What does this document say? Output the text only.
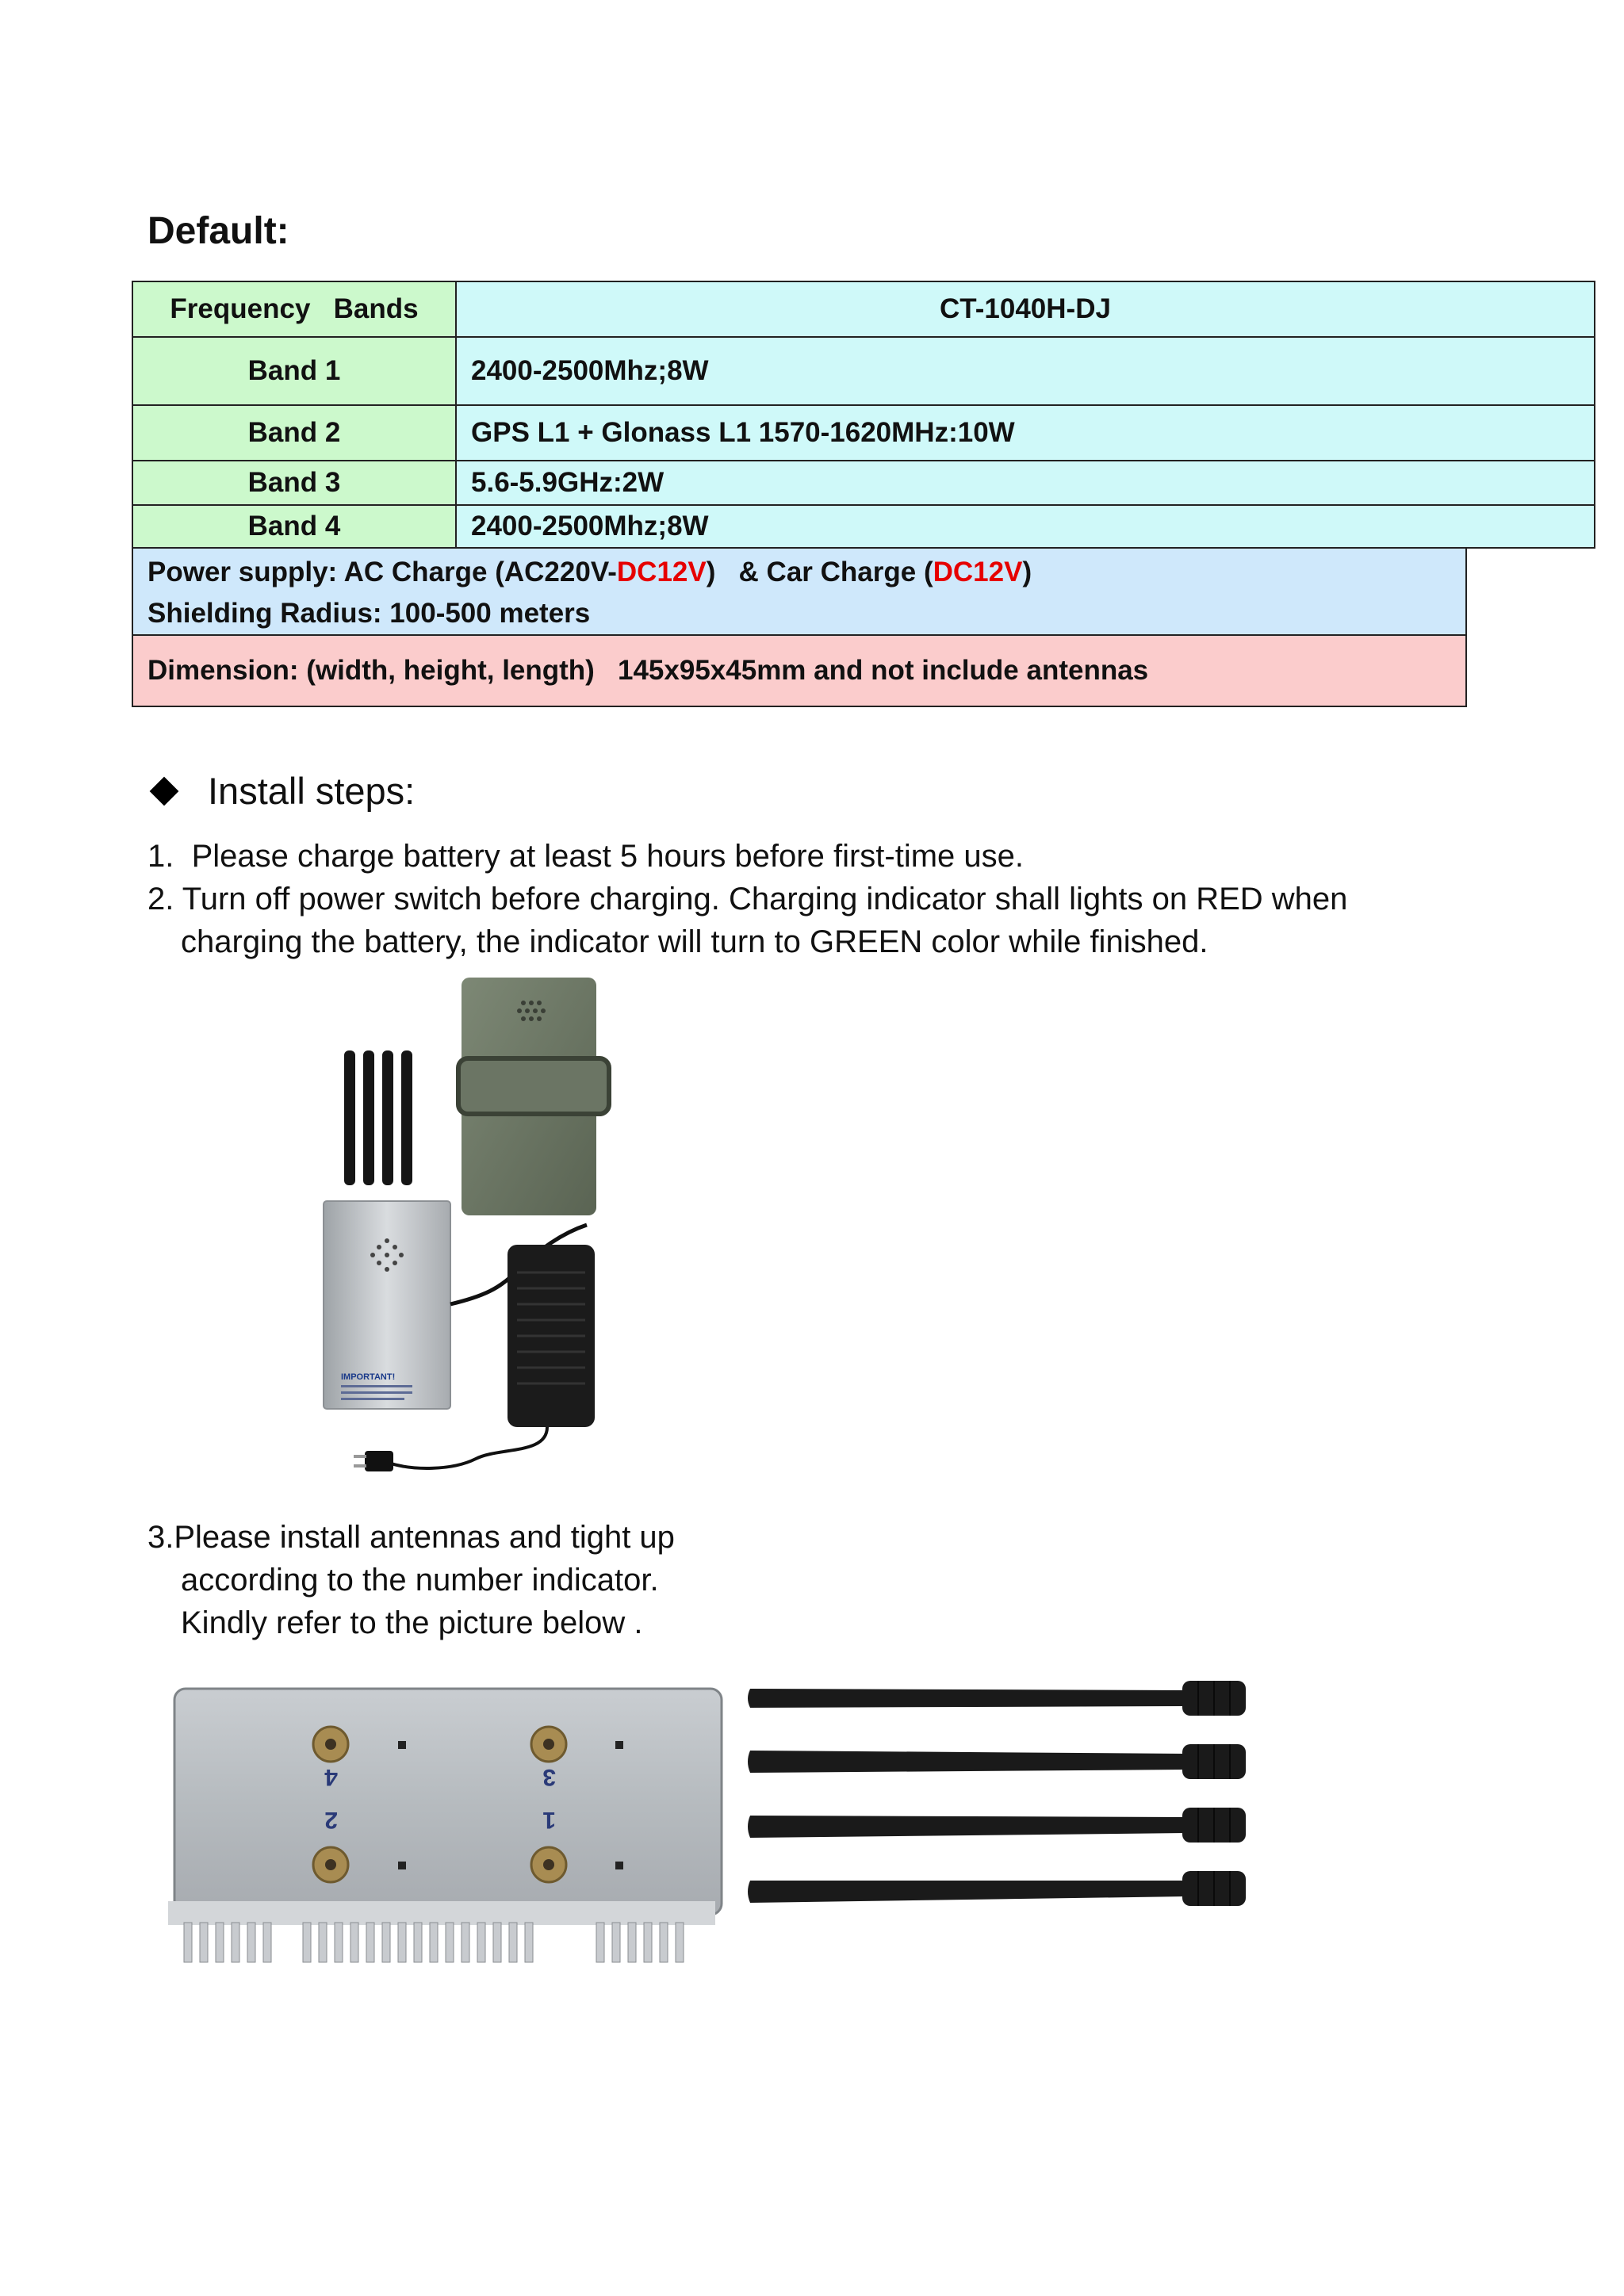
Default:
Frequency   Bands	CT-1040H-DJ
Band 1	2400-2500Mhz;8W
Band 2	GPS L1 + Glonass L1 1570-1620MHz:10W
Band 3	5.6-5.9GHz:2W
Band 4	2400-2500Mhz;8W
Power supply: AC Charge (AC220V-DC12V)   & Car Charge (DC12V)
Shielding Radius: 100-500 meters
Dimension: (width, height, length)   145x95x45mm and not include antennas
Install steps:
1.  Please charge battery at least 5 hours before first-time use.
2. Turn off power switch before charging. Charging indicator shall lights on RED when
charging the battery, the indicator will turn to GREEN color while finished.
IMPORTANT!
3.Please install antennas and tight up
according to the number indicator.
Kindly refer to the picture below .
4	3
2	1
